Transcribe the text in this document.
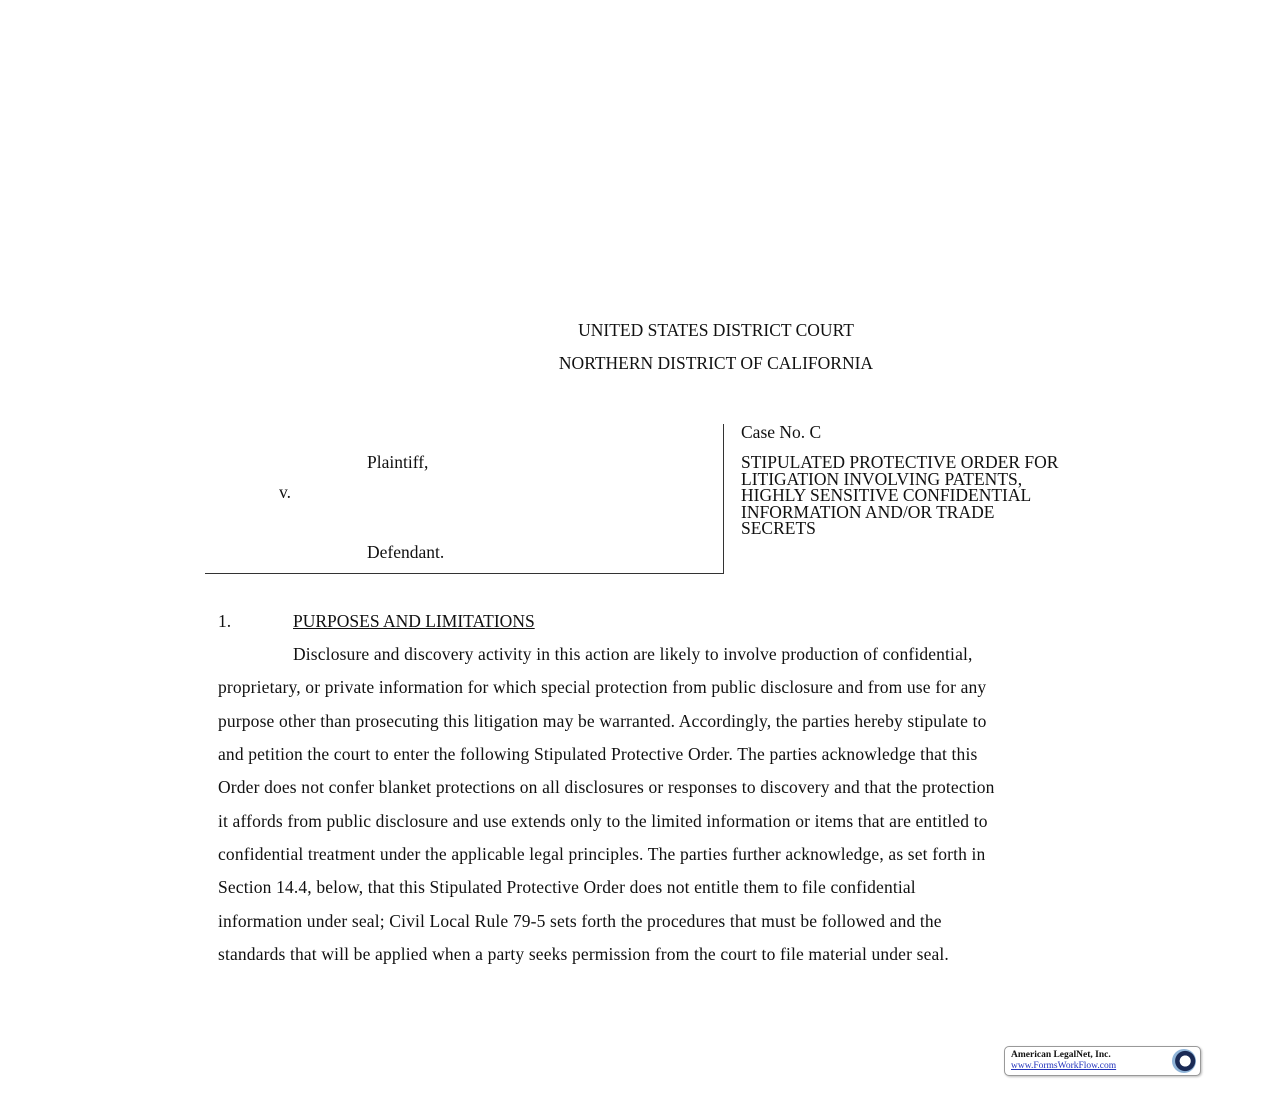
UNITED STATES DISTRICT COURT
NORTHERN DISTRICT OF CALIFORNIA
Plaintiff,
v.
Defendant.
Case No. C
STIPULATED PROTECTIVE ORDER FOR
LITIGATION INVOLVING PATENTS,
HIGHLY SENSITIVE CONFIDENTIAL
INFORMATION AND/OR TRADE
SECRETS
1.	PURPOSES AND LIMITATIONS
Disclosure and discovery activity in this action are likely to involve production of confidential,
proprietary, or private information for which special protection from public disclosure and from use for any
purpose other than prosecuting this litigation may be warranted. Accordingly, the parties hereby stipulate to
and petition the court to enter the following Stipulated Protective Order. The parties acknowledge that this
Order does not confer blanket protections on all disclosures or responses to discovery and that the protection
it affords from public disclosure and use extends only to the limited information or items that are entitled to
confidential treatment under the applicable legal principles. The parties further acknowledge, as set forth in
Section 14.4, below, that this Stipulated Protective Order does not entitle them to file confidential
information under seal; Civil Local Rule 79-5 sets forth the procedures that must be followed and the
standards that will be applied when a party seeks permission from the court to file material under seal.
American LegalNet, Inc.
www.FormsWorkFlow.com
